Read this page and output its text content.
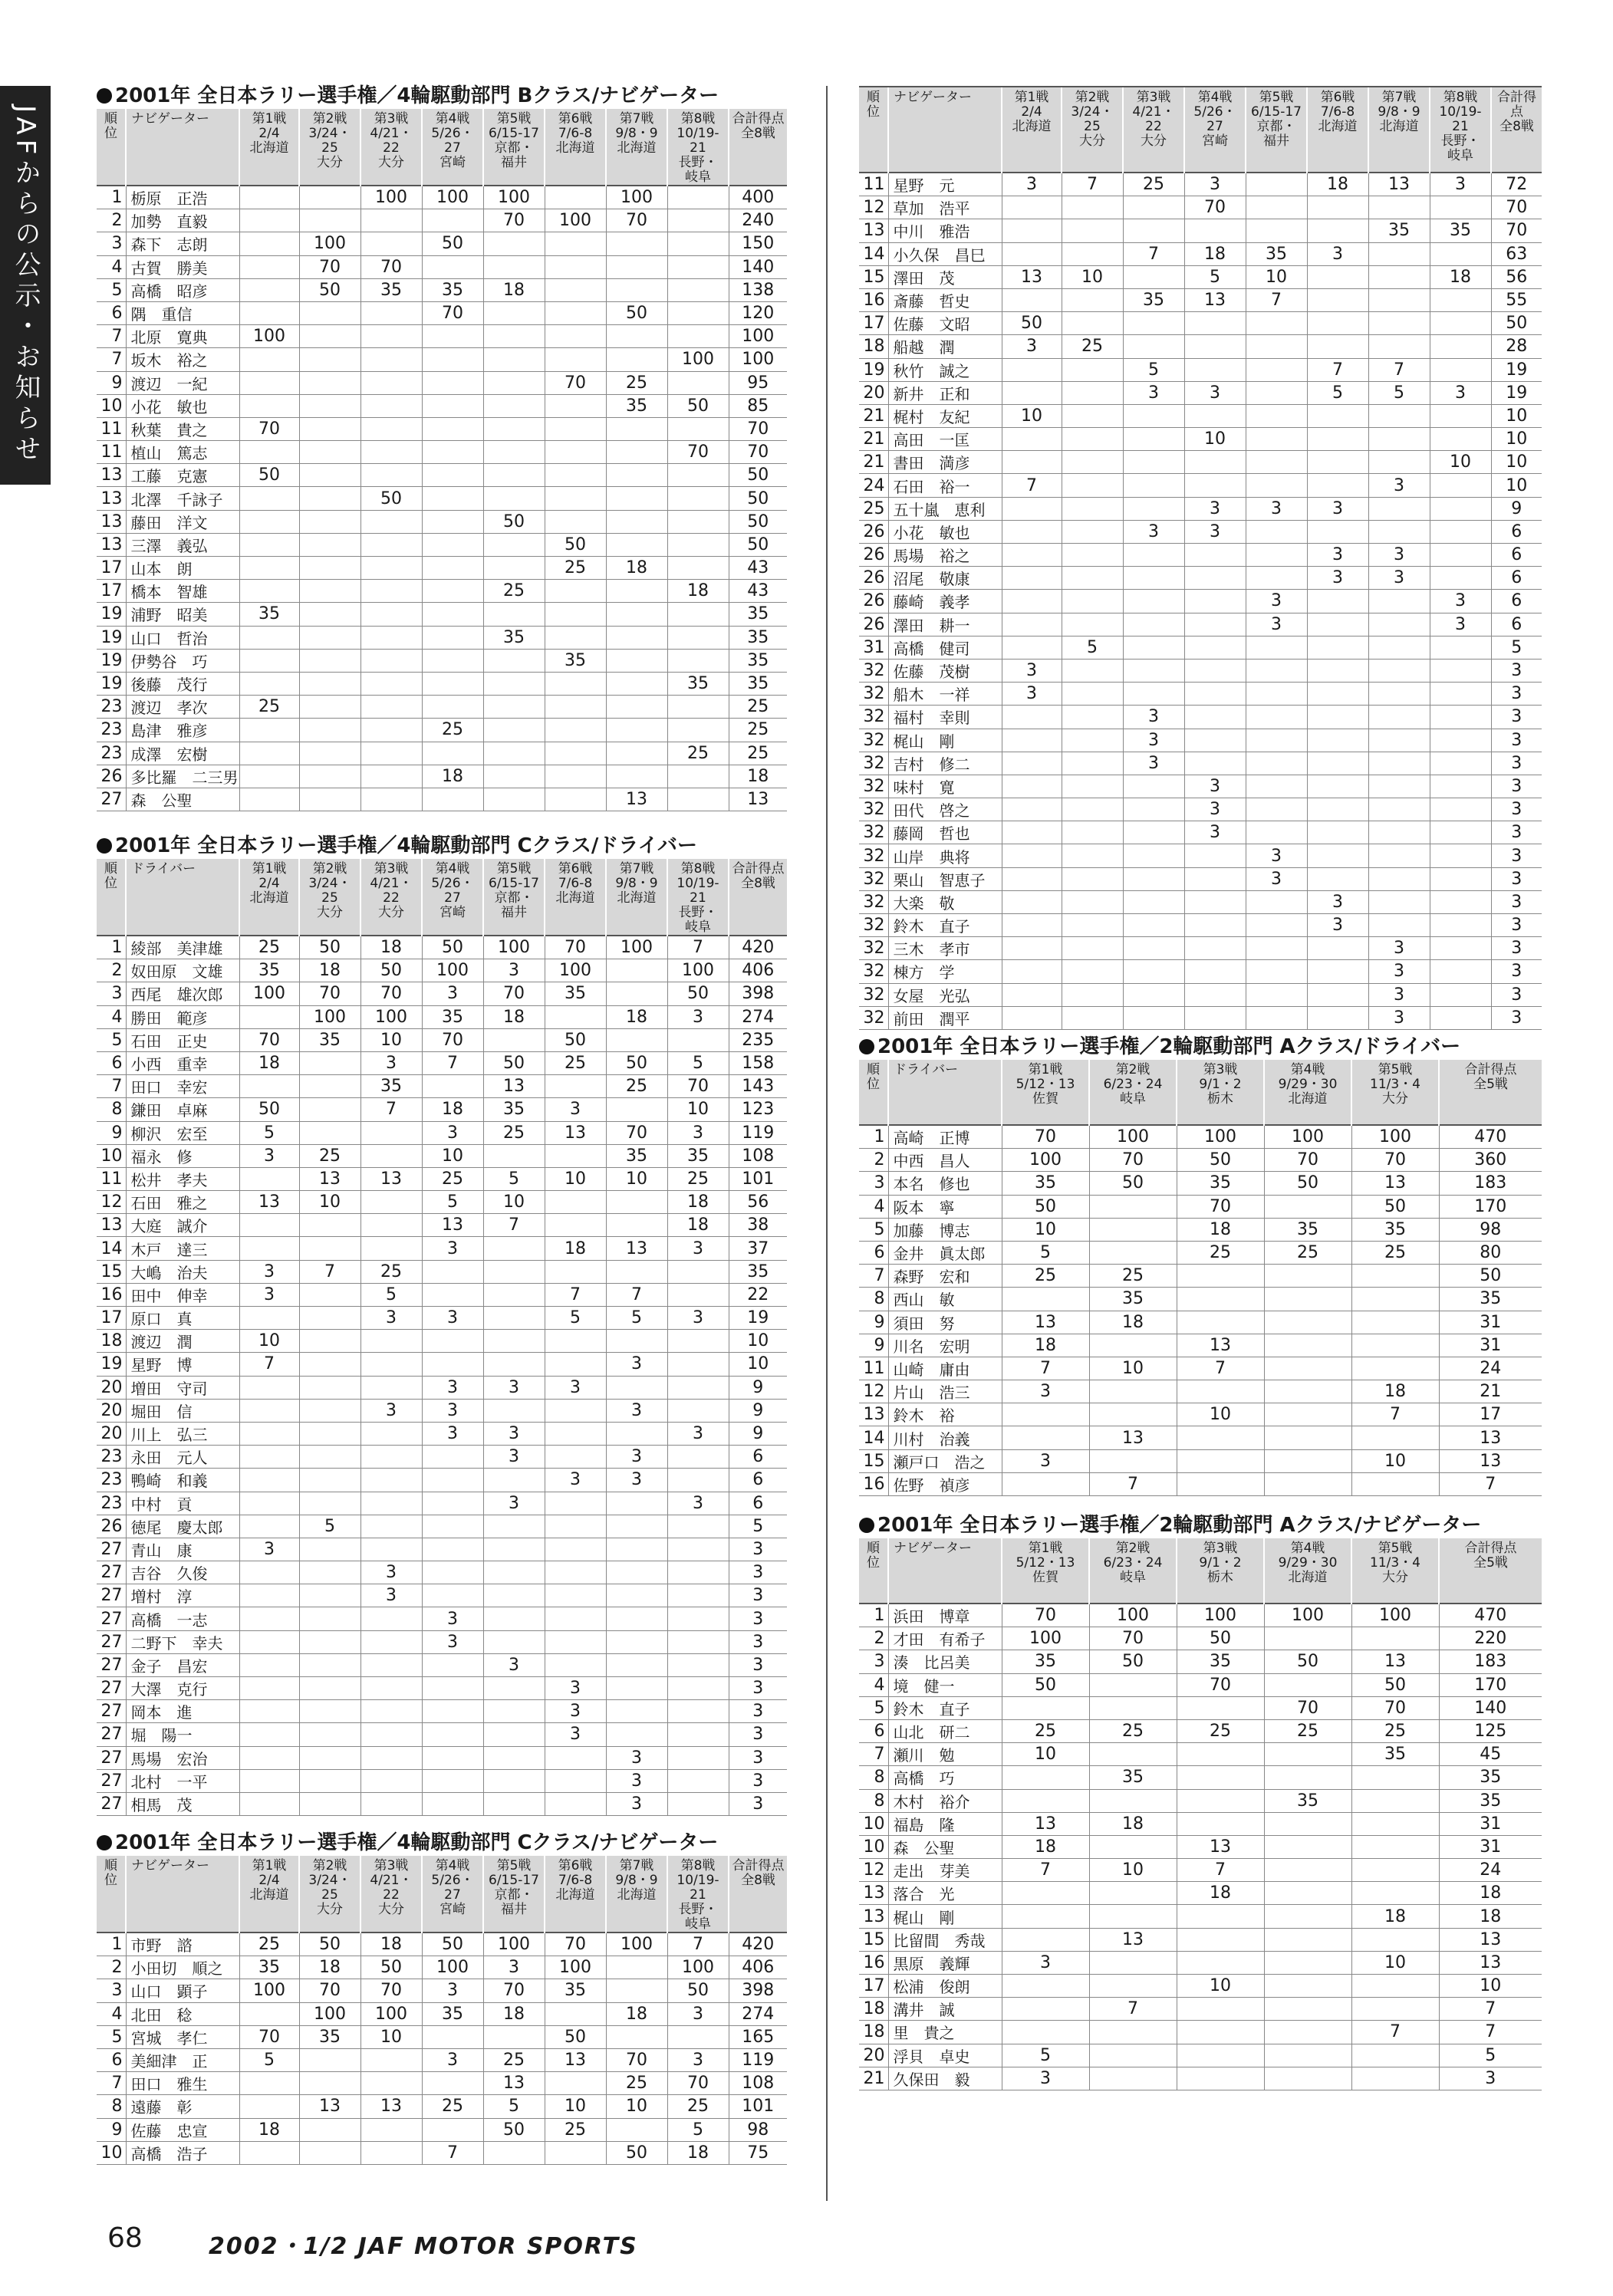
JAFからの公示・お知らせ
2001年 全日本ラリー選手権／4輪駆動部門 Bクラス/ナビゲーター
順位	ナビゲーター	第1戦
2/4
北海道	第2戦
3/24・25
大分	第3戦
4/21・22
大分	第4戦
5/26・27
宮崎	第5戦
6/15-17
京都・
福井	第6戦
7/6-8
北海道	第7戦
9/8・9
北海道	第8戦
10/19-21
長野・
岐阜	合計得点
全8戦
1	栃原　正浩			100	100	100		100		400
2	加勢　直毅					70	100	70		240
3	森下　志朗		100		50					150
4	古賀　勝美		70	70						140
5	高橋　昭彦		50	35	35	18				138
6	隅　重信				70			50		120
7	北原　寛典	100								100
7	坂木　裕之								100	100
9	渡辺　一紀						70	25		95
10	小花　敏也							35	50	85
11	秋葉　貴之	70								70
11	植山　篤志								70	70
13	工藤　克憲	50								50
13	北澤　千詠子			50						50
13	藤田　洋文					50				50
13	三澤　義弘						50			50
17	山本　朗						25	18		43
17	橋本　智雄					25			18	43
19	浦野　昭美	35								35
19	山口　哲治					35				35
19	伊勢谷　巧						35			35
19	後藤　茂行								35	35
23	渡辺　孝次	25								25
23	島津　雅彦				25					25
23	成澤　宏樹								25	25
26	多比羅　二三男				18					18
27	森　公聖							13		13
2001年 全日本ラリー選手権／4輪駆動部門 Cクラス/ドライバー
順位	ドライバー	第1戦
2/4
北海道	第2戦
3/24・25
大分	第3戦
4/21・22
大分	第4戦
5/26・27
宮崎	第5戦
6/15-17
京都・
福井	第6戦
7/6-8
北海道	第7戦
9/8・9
北海道	第8戦
10/19-21
長野・
岐阜	合計得点
全8戦
1	綾部　美津雄	25	50	18	50	100	70	100	7	420
2	奴田原　文雄	35	18	50	100	3	100		100	406
3	西尾　雄次郎	100	70	70	3	70	35		50	398
4	勝田　範彦		100	100	35	18		18	3	274
5	石田　正史	70	35	10	70		50			235
6	小西　重幸	18		3	7	50	25	50	5	158
7	田口　幸宏			35		13		25	70	143
8	鎌田　卓麻	50		7	18	35	3		10	123
9	柳沢　宏至	5			3	25	13	70	3	119
10	福永　修	3	25		10			35	35	108
11	松井　孝夫		13	13	25	5	10	10	25	101
12	石田　雅之	13	10		5	10			18	56
13	大庭　誠介				13	7			18	38
14	木戸　達三				3		18	13	3	37
15	大嶋　治夫	3	7	25						35
16	田中　伸幸	3		5			7	7		22
17	原口　真			3	3		5	5	3	19
18	渡辺　潤	10								10
19	星野　博	7						3		10
20	増田　守司				3	3	3			9
20	堀田　信			3	3			3		9
20	川上　弘三				3	3			3	9
23	永田　元人					3		3		6
23	鴨崎　和義						3	3		6
23	中村　貢					3			3	6
26	徳尾　慶太郎		5							5
27	青山　康	3								3
27	吉谷　久俊			3						3
27	増村　淳			3						3
27	高橋　一志				3					3
27	二野下　幸夫				3					3
27	金子　昌宏					3				3
27	大澤　克行						3			3
27	岡本　進						3			3
27	堀　陽一						3			3
27	馬場　宏治							3		3
27	北村　一平							3		3
27	相馬　茂							3		3
2001年 全日本ラリー選手権／4輪駆動部門 Cクラス/ナビゲーター
順位	ナビゲーター	第1戦
2/4
北海道	第2戦
3/24・25
大分	第3戦
4/21・22
大分	第4戦
5/26・27
宮崎	第5戦
6/15-17
京都・
福井	第6戦
7/6-8
北海道	第7戦
9/8・9
北海道	第8戦
10/19-21
長野・
岐阜	合計得点
全8戦
1	市野　諮	25	50	18	50	100	70	100	7	420
2	小田切　順之	35	18	50	100	3	100		100	406
3	山口　顕子	100	70	70	3	70	35		50	398
4	北田　稔		100	100	35	18		18	3	274
5	宮城　孝仁	70	35	10			50			165
6	美細津　正	5			3	25	13	70	3	119
7	田口　雅生					13		25	70	108
8	遠藤　彰		13	13	25	5	10	10	25	101
9	佐藤　忠宣	18				50	25		5	98
10	高橋　浩子				7			50	18	75
順位	ナビゲーター	第1戦
2/4
北海道	第2戦
3/24・25
大分	第3戦
4/21・22
大分	第4戦
5/26・27
宮崎	第5戦
6/15-17
京都・
福井	第6戦
7/6-8
北海道	第7戦
9/8・9
北海道	第8戦
10/19-21
長野・
岐阜	合計得点
全8戦
11	星野　元	3	7	25	3		18	13	3	72
12	草加　浩平				70					70
13	中川　雅浩							35	35	70
14	小久保　昌巳			7	18	35	3			63
15	澤田　茂	13	10		5	10			18	56
16	斎藤　哲史			35	13	7				55
17	佐藤　文昭	50								50
18	船越　潤	3	25							28
19	秋竹　誠之			5			7	7		19
20	新井　正和			3	3		5	5	3	19
21	梶村　友紀	10								10
21	高田　一匡				10					10
21	書田　満彦								10	10
24	石田　裕一	7						3		10
25	五十嵐　恵利				3	3	3			9
26	小花　敏也			3	3					6
26	馬場　裕之						3	3		6
26	沼尾　敬康						3	3		6
26	藤崎　義孝					3			3	6
26	澤田　耕一					3			3	6
31	高橋　健司		5							5
32	佐藤　茂樹	3								3
32	船木　一祥	3								3
32	福村　幸則			3						3
32	梶山　剛			3						3
32	吉村　修二			3						3
32	味村　寛				3					3
32	田代　啓之				3					3
32	藤岡　哲也				3					3
32	山岸　典将					3				3
32	栗山　智恵子					3				3
32	大楽　敬						3			3
32	鈴木　直子						3			3
32	三木　孝市							3		3
32	棟方　学							3		3
32	女屋　光弘							3		3
32	前田　潤平							3		3
2001年 全日本ラリー選手権／2輪駆動部門 Aクラス/ドライバー
順位	ドライバー	第1戦
5/12・13
佐賀	第2戦
6/23・24
岐阜	第3戦
9/1・2
栃木	第4戦
9/29・30
北海道	第5戦
11/3・4
大分	合計得点
全5戦
1	高崎　正博	70	100	100	100	100	470
2	中西　昌人	100	70	50	70	70	360
3	本名　修也	35	50	35	50	13	183
4	阪本　寧	50		70		50	170
5	加藤　博志	10		18	35	35	98
6	金井　眞太郎	5		25	25	25	80
7	森野　宏和	25	25				50
8	西山　敏		35				35
9	須田　努	13	18				31
9	川名　宏明	18		13			31
11	山崎　庸由	7	10	7			24
12	片山　浩三	3				18	21
13	鈴木　裕			10		7	17
14	川村　治義		13				13
15	瀬戸口　浩之	3				10	13
16	佐野　禎彦		7				7
2001年 全日本ラリー選手権／2輪駆動部門 Aクラス/ナビゲーター
順位	ナビゲーター	第1戦
5/12・13
佐賀	第2戦
6/23・24
岐阜	第3戦
9/1・2
栃木	第4戦
9/29・30
北海道	第5戦
11/3・4
大分	合計得点
全5戦
1	浜田　博章	70	100	100	100	100	470
2	才田　有希子	100	70	50			220
3	湊　比呂美	35	50	35	50	13	183
4	境　健一	50		70		50	170
5	鈴木　直子				70	70	140
6	山北　研二	25	25	25	25	25	125
7	瀬川　勉	10				35	45
8	高橋　巧		35				35
8	木村　裕介				35		35
10	福島　隆	13	18				31
10	森　公聖	18		13			31
12	走出　芽美	7	10	7			24
13	落合　光			18			18
13	梶山　剛					18	18
15	比留間　秀哉		13				13
16	黒原　義輝	3				10	13
17	松浦　俊朗			10			10
18	溝井　誠		7				7
18	里　貴之					7	7
20	浮貝　卓史	5					5
21	久保田　毅	3					3
68	2002・1/2 JAF MOTOR SPORTS
